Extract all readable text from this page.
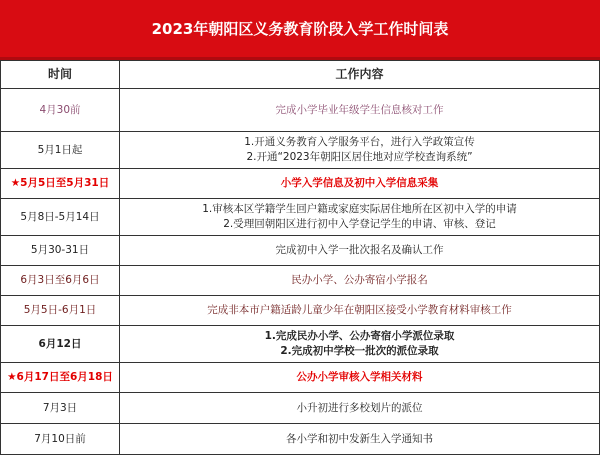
2023年朝阳区义务教育阶段入学工作时间表
时间	工作内容
4月30前	完成小学毕业年级学生信息核对工作

5月1日起	1.开通义务教育入学服务平台，进行入学政策宣传
2.开通“2023年朝阳区居住地对应学校查询系统”

★5月5日至5月31日	小学入学信息及初中入学信息采集

5月8日-5月14日	1.审核本区学籍学生回户籍或家庭实际居住地所在区初中入学的申请
2.受理回朝阳区进行初中入学登记学生的申请、审核、登记

5月30-31日	完成初中入学一批次报名及确认工作

6月3日至6月6日	民办小学、公办寄宿小学报名

5月5日-6月1日	完成非本市户籍适龄儿童少年在朝阳区接受小学教育材料审核工作

6月12日	1.完成民办小学、公办寄宿小学派位录取
2.完成初中学校一批次的派位录取

★6月17日至6月18日	公办小学审核入学相关材料

7月3日	小升初进行多校划片的派位

7月10日前	各小学和初中发新生入学通知书
